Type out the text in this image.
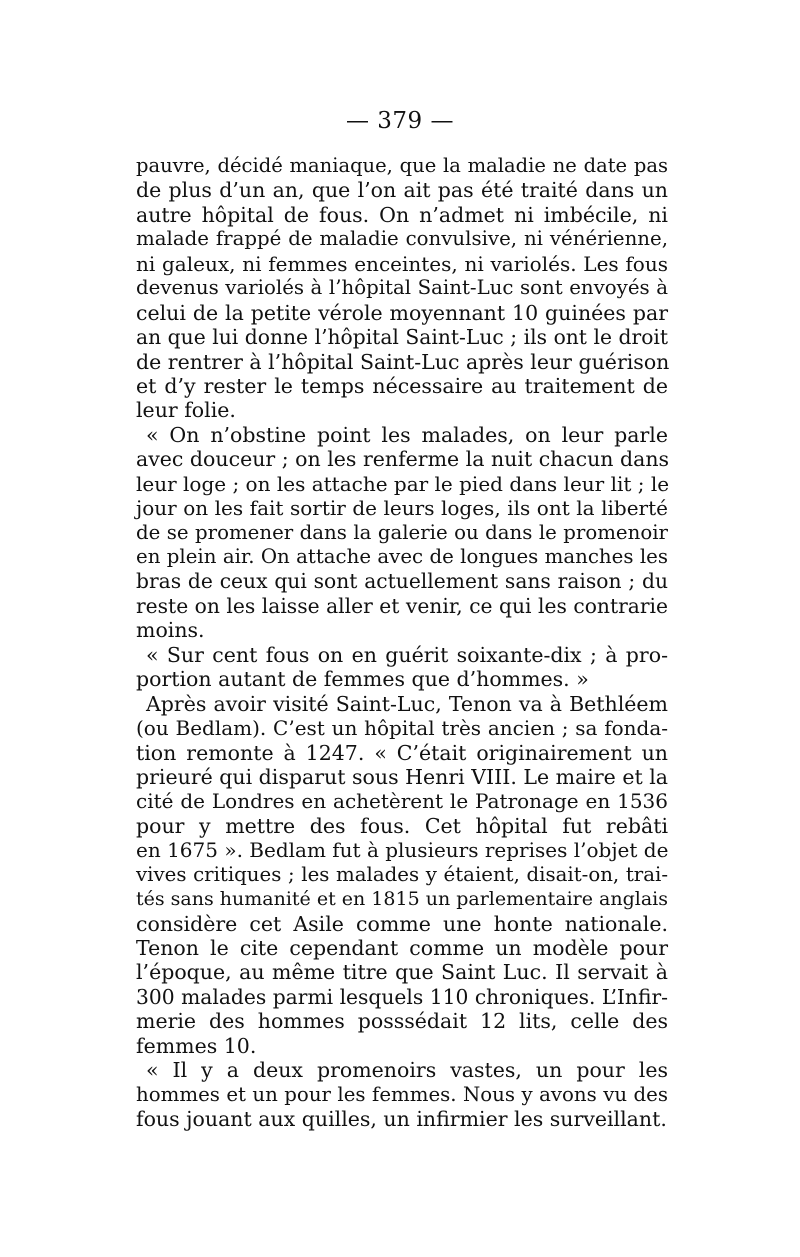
— 379 —
pauvre, décidé maniaque, que la maladie ne date pas
de plus d’un an, que l’on ait pas été traité dans un
autre hôpital de fous. On n’admet ni imbécile, ni
malade frappé de maladie convulsive, ni vénérienne,
ni galeux, ni femmes enceintes, ni variolés. Les fous
devenus variolés à l’hôpital Saint-Luc sont envoyés à
celui de la petite vérole moyennant 10 guinées par
an que lui donne l’hôpital Saint-Luc ; ils ont le droit
de rentrer à l’hôpital Saint-Luc après leur guérison
et d’y rester le temps nécessaire au traitement de
leur folie.
« On n’obstine point les malades, on leur parle
avec douceur ; on les renferme la nuit chacun dans
leur loge ; on les attache par le pied dans leur lit ; le
jour on les fait sortir de leurs loges, ils ont la liberté
de se promener dans la galerie ou dans le promenoir
en plein air. On attache avec de longues manches les
bras de ceux qui sont actuellement sans raison ; du
reste on les laisse aller et venir, ce qui les contrarie
moins.
« Sur cent fous on en guérit soixante-dix ; à pro-
portion autant de femmes que d’hommes. »
Après avoir visité Saint-Luc, Tenon va à Bethléem
(ou Bedlam). C’est un hôpital très ancien ; sa fonda-
tion remonte à 1247. « C’était originairement un
prieuré qui disparut sous Henri VIII. Le maire et la
cité de Londres en achetèrent le Patronage en 1536
pour y mettre des fous. Cet hôpital fut rebâti
en 1675 ». Bedlam fut à plusieurs reprises l’objet de
vives critiques ; les malades y étaient, disait-on, trai-
tés sans humanité et en 1815 un parlementaire anglais
considère cet Asile comme une honte nationale.
Tenon le cite cependant comme un modèle pour
l’époque, au même titre que Saint Luc. Il servait à
300 malades parmi lesquels 110 chroniques. L’Infir-
merie des hommes posssédait 12 lits, celle des
femmes 10.
« Il y a deux promenoirs vastes, un pour les
hommes et un pour les femmes. Nous y avons vu des
fous jouant aux quilles, un infirmier les surveillant.
